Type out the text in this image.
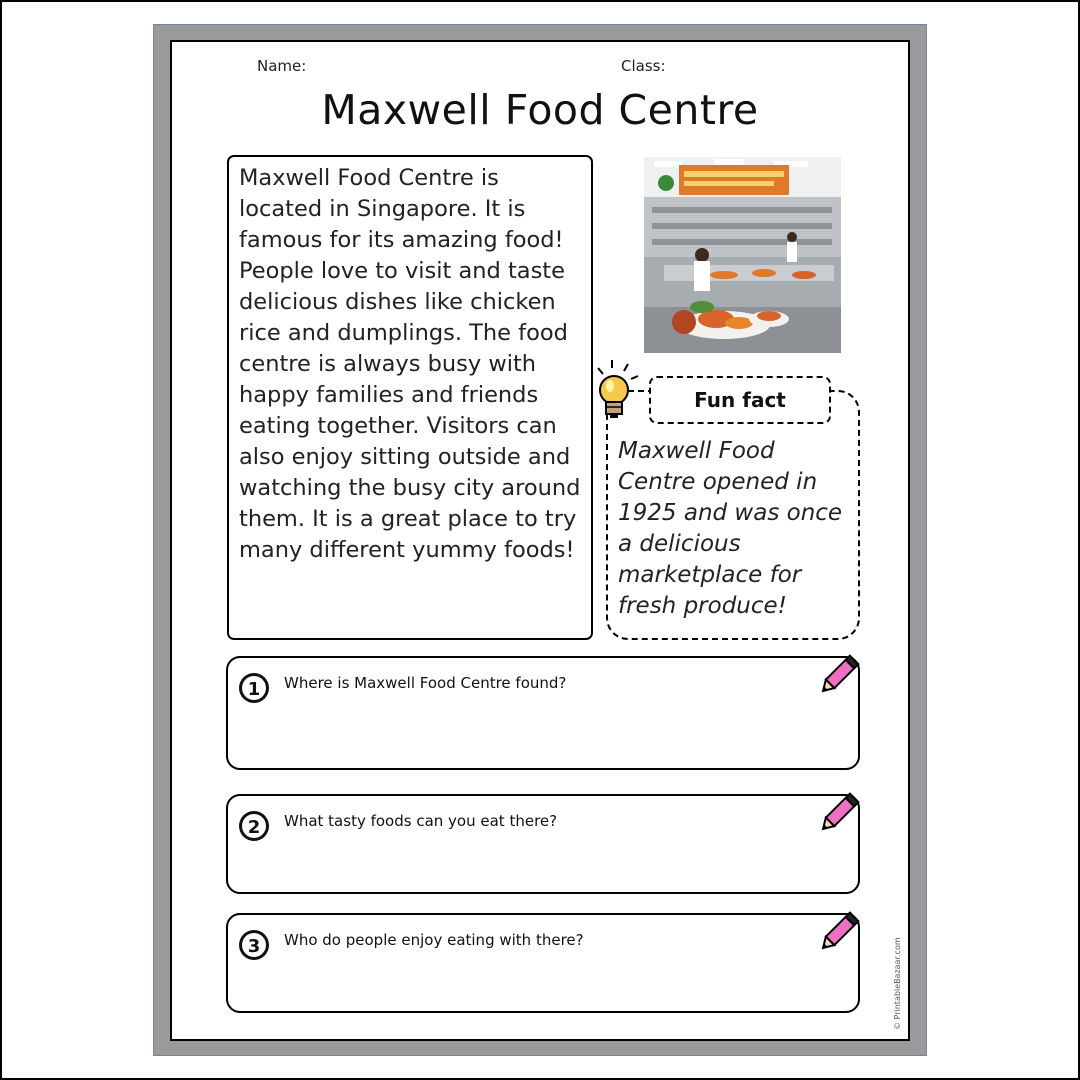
Name:	Class:
Maxwell Food Centre
Maxwell Food Centre is located in Singapore. It is famous for its amazing food! People love to visit and taste delicious dishes like chicken rice and dumplings. The food centre is always busy with happy families and friends eating together. Visitors can also enjoy sitting outside and watching the busy city around them. It is a great place to try many different yummy foods!
Fun fact
Maxwell Food Centre opened in 1925 and was once a delicious marketplace for fresh produce!
1 Where is Maxwell Food Centre found?
2 What tasty foods can you eat there?
3 Who do people enjoy eating with there?	© PrintableBazaar.com
